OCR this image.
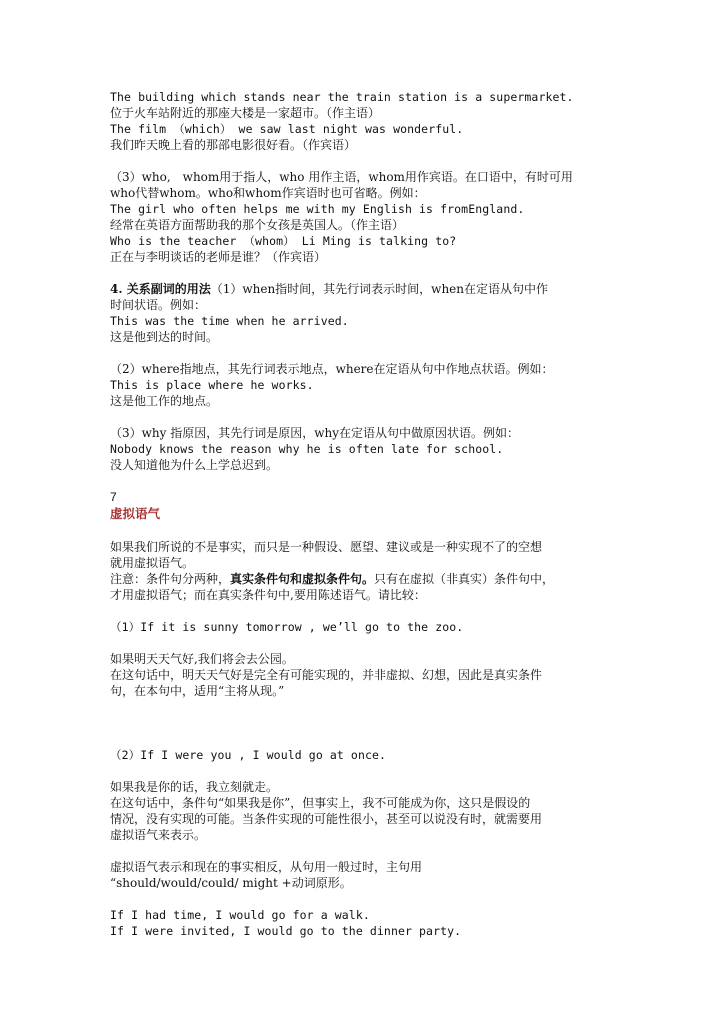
The building which stands near the train station is a supermarket.
位于火车站附近的那座大楼是一家超市。（作主语）
The film （which） we saw last night was wonderful.
我们昨天晚上看的那部电影很好看。（作宾语）
（3）who,　whom用于指人，who 用作主语，whom用作宾语。在口语中，有时可用
who代替whom。who和whom作宾语时也可省略。例如：
The girl who often helps me with my English is fromEngland.
经常在英语方面帮助我的那个女孩是英国人。（作主语）
Who is the teacher （whom） Li Ming is talking to?
正在与李明谈话的老师是谁？（作宾语）
4. 关系副词的用法（1）when指时间，其先行词表示时间，when在定语从句中作
时间状语。例如：
This was the time when he arrived.
这是他到达的时间。
（2）where指地点，其先行词表示地点，where在定语从句中作地点状语。例如：
This is place where he works.
这是他工作的地点。
（3）why 指原因，其先行词是原因，why在定语从句中做原因状语。例如：
Nobody knows the reason why he is often late for school.
没人知道他为什么上学总迟到。
7
虚拟语气
如果我们所说的不是事实，而只是一种假设、愿望、建议或是一种实现不了的空想
就用虚拟语气。
注意：条件句分两种，真实条件句和虚拟条件句。只有在虚拟（非真实）条件句中，
才用虚拟语气；而在真实条件句中,要用陈述语气。请比较：
（1）If it is sunny tomorrow , we’ll go to the zoo.
如果明天天气好,我们将会去公园。
在这句话中，明天天气好是完全有可能实现的，并非虚拟、幻想，因此是真实条件
句，在本句中，适用“主将从现。”
（2）If I were you , I would go at once.
如果我是你的话，我立刻就走。
在这句话中，条件句“如果我是你”，但事实上，我不可能成为你，这只是假设的
情况，没有实现的可能。当条件实现的可能性很小，甚至可以说没有时，就需要用
虚拟语气来表示。
虚拟语气表示和现在的事实相反，从句用一般过时，主句用
“should/would/could/ might +动词原形。
If I had time, I would go for a walk.
If I were invited, I would go to the dinner party.
